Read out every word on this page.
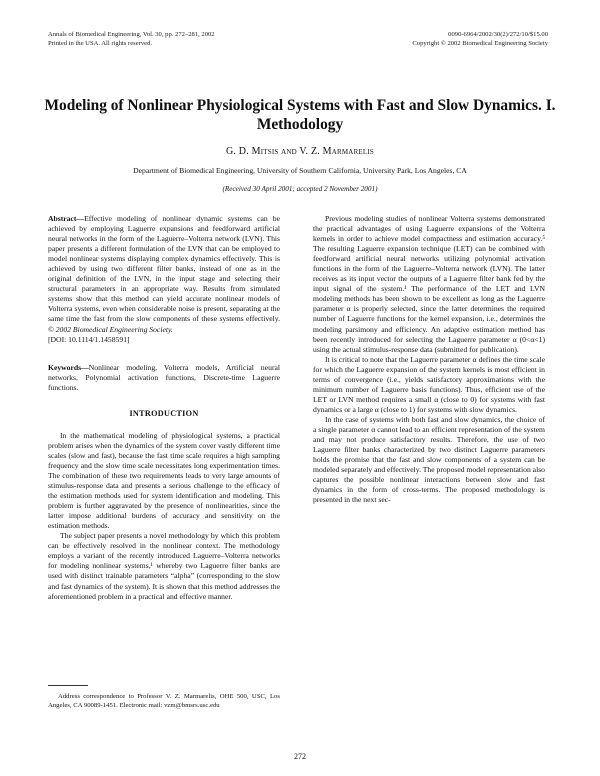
Annals of Biomedical Engineering, Vol. 30, pp. 272–281, 2002
Printed in the USA. All rights reserved.
0090-6964/2002/30(2)/272/10/$15.00
Copyright © 2002 Biomedical Engineering Society
Modeling of Nonlinear Physiological Systems with Fast and Slow Dynamics. I. Methodology
G. D. Mitsis and V. Z. Marmarelis
Department of Biomedical Engineering, University of Southern California, University Park, Los Angeles, CA
(Received 30 April 2001; accepted 2 November 2001)

Abstract—Effective modeling of nonlinear dynamic systems can be achieved by employing Laguerre expansions and feedforward artificial neural networks in the form of the Laguerre–Volterra network (LVN). This paper presents a different formulation of the LVN that can be employed to model nonlinear systems displaying complex dynamics effectively. This is achieved by using two different filter banks, instead of one as in the original definition of the LVN, in the input stage and selecting their structural parameters in an appropriate way. Results from simulated systems show that this method can yield accurate nonlinear models of Volterra systems, even when considerable noise is present, separating at the same time the fast from the slow components of these systems effectively. © 2002 Biomedical Engineering Society.
[DOI: 10.1114/1.1458591]

Keywords—Nonlinear modeling, Volterra models, Artificial neural networks, Polynomial activation functions, Discrete-time Laguerre functions.

INTRODUCTION

In the mathematical modeling of physiological systems, a practical problem arises when the dynamics of the system cover vastly different time scales (slow and fast), because the fast time scale requires a high sampling frequency and the slow time scale necessitates long experimentation times. The combination of these two requirements leads to very large amounts of stimulus-response data and presents a serious challenge to the efficacy of the estimation methods used for system identification and modeling. This problem is further aggravated by the presence of nonlinearities, since the latter impose additional burdens of accuracy and sensitivity on the estimation methods.

The subject paper presents a novel methodology by which this problem can be effectively resolved in the nonlinear context. The methodology employs a variant of the recently introduced Laguerre–Volterra networks for modeling nonlinear systems,¹ whereby two Laguerre filter banks are used with distinct trainable parameters “alpha” (corresponding to the slow and fast dynamics of the system). It is shown that this method addresses the aforementioned problem in a practical and effective manner.

Previous modeling studies of nonlinear Volterra systems demonstrated the practical advantages of using Laguerre expansions of the Volterra kernels in order to achieve model compactness and estimation accuracy.⁵ The resulting Laguerre expansion technique (LET) can be combined with feedforward artificial neural networks utilizing polynomial activation functions in the form of the Laguerre–Volterra network (LVN). The latter receives as its input vector the outputs of a Laguerre filter bank fed by the input signal of the system.¹ The performance of the LET and LVN modeling methods has been shown to be excellent as long as the Laguerre parameter α is properly selected, since the latter determines the required number of Laguerre functions for the kernel expansion, i.e., determines the modeling parsimony and efficiency. An adaptive estimation method has been recently introduced for selecting the Laguerre parameter α (0<α<1) using the actual stimulus-response data (submitted for publication).

It is critical to note that the Laguerre parameter α defines the time scale for which the Laguerre expansion of the system kernels is most efficient in terms of convergence (i.e., yields satisfactory approximations with the minimum number of Laguerre basis functions). Thus, efficient use of the LET or LVN method requires a small α (close to 0) for systems with fast dynamics or a large α (close to 1) for systems with slow dynamics.

In the case of systems with both fast and slow dynamics, the choice of a single parameter α cannot lead to an efficient representation of the system and may not produce satisfactory results. Therefore, the use of two Laguerre filter banks characterized by two distinct Laguerre parameters holds the promise that the fast and slow components of a system can be modeled separately and effectively. The proposed model representation also captures the possible nonlinear interactions between slow and fast dynamics in the form of cross-terms. The proposed methodology is presented in the next sec-

Address correspondence to Professor V. Z. Marmarelis, OHE 500, USC, Los Angeles, CA 90089-1451. Electronic mail: vzm@bmsrs.usc.edu
272
